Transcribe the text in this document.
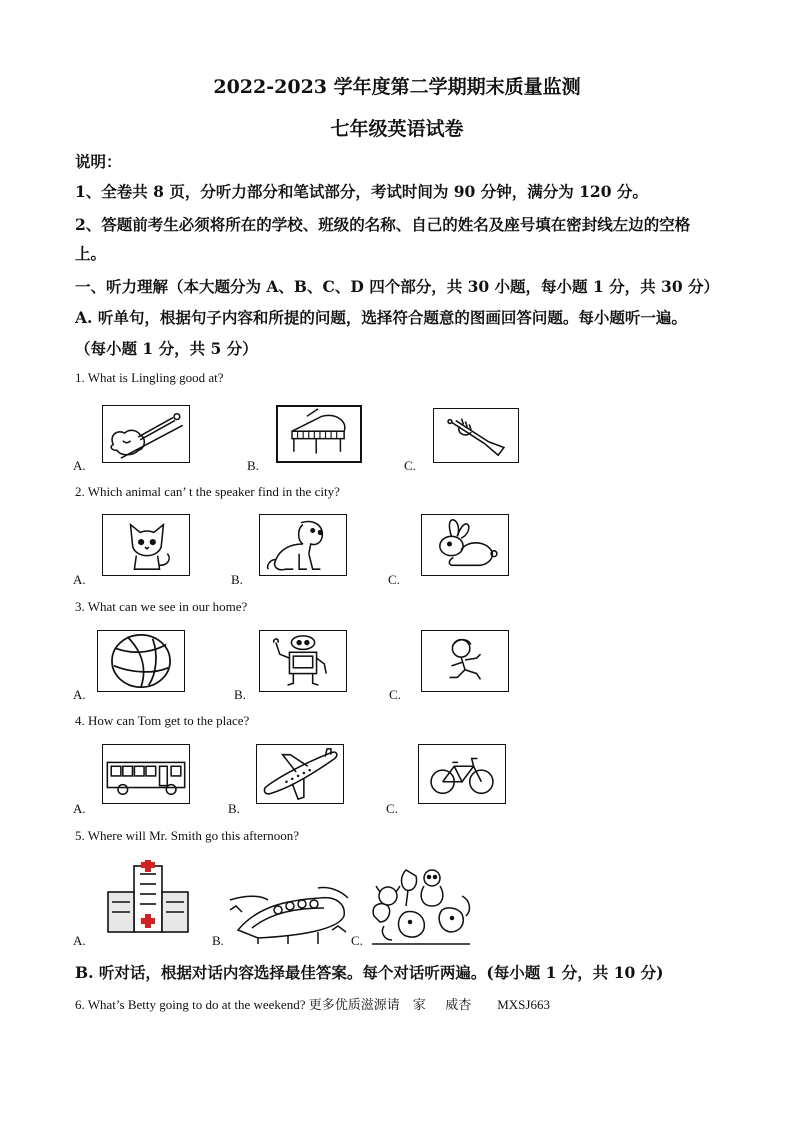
2022-2023 学年度第二学期期末质量监测
七年级英语试卷
说明：
1、全卷共 8 页，分听力部分和笔试部分，考试时间为 90 分钟，满分为 120 分。
2、答题前考生必须将所在的学校、班级的名称、自己的姓名及座号填在密封线左边的空格
上。
一、听力理解（本大题分为 A、B、C、D 四个部分，共 30 小题，每小题 1 分，共 30 分）
A. 听单句，根据句子内容和所提的问题，选择符合题意的图画回答问题。每小题听一遍。
（每小题 1 分，共 5 分）
1. What is Lingling good at?
A.	B.	C.
2. Which animal can’ t the speaker find in the city?
A.	B.	C.
3. What can we see in our home?
A.	B.	C.
4. How can Tom get to the place?
A.	B.	C.
5. Where will Mr. Smith go this afternoon?
A.	B.	C.
B. 听对话，根据对话内容选择最佳答案。每个对话听两遍。(每小题 1 分，共 10 分)
6. What’s Betty going to do at the weekend? 更多优质滋源请    家      威杏        MXSJ663
